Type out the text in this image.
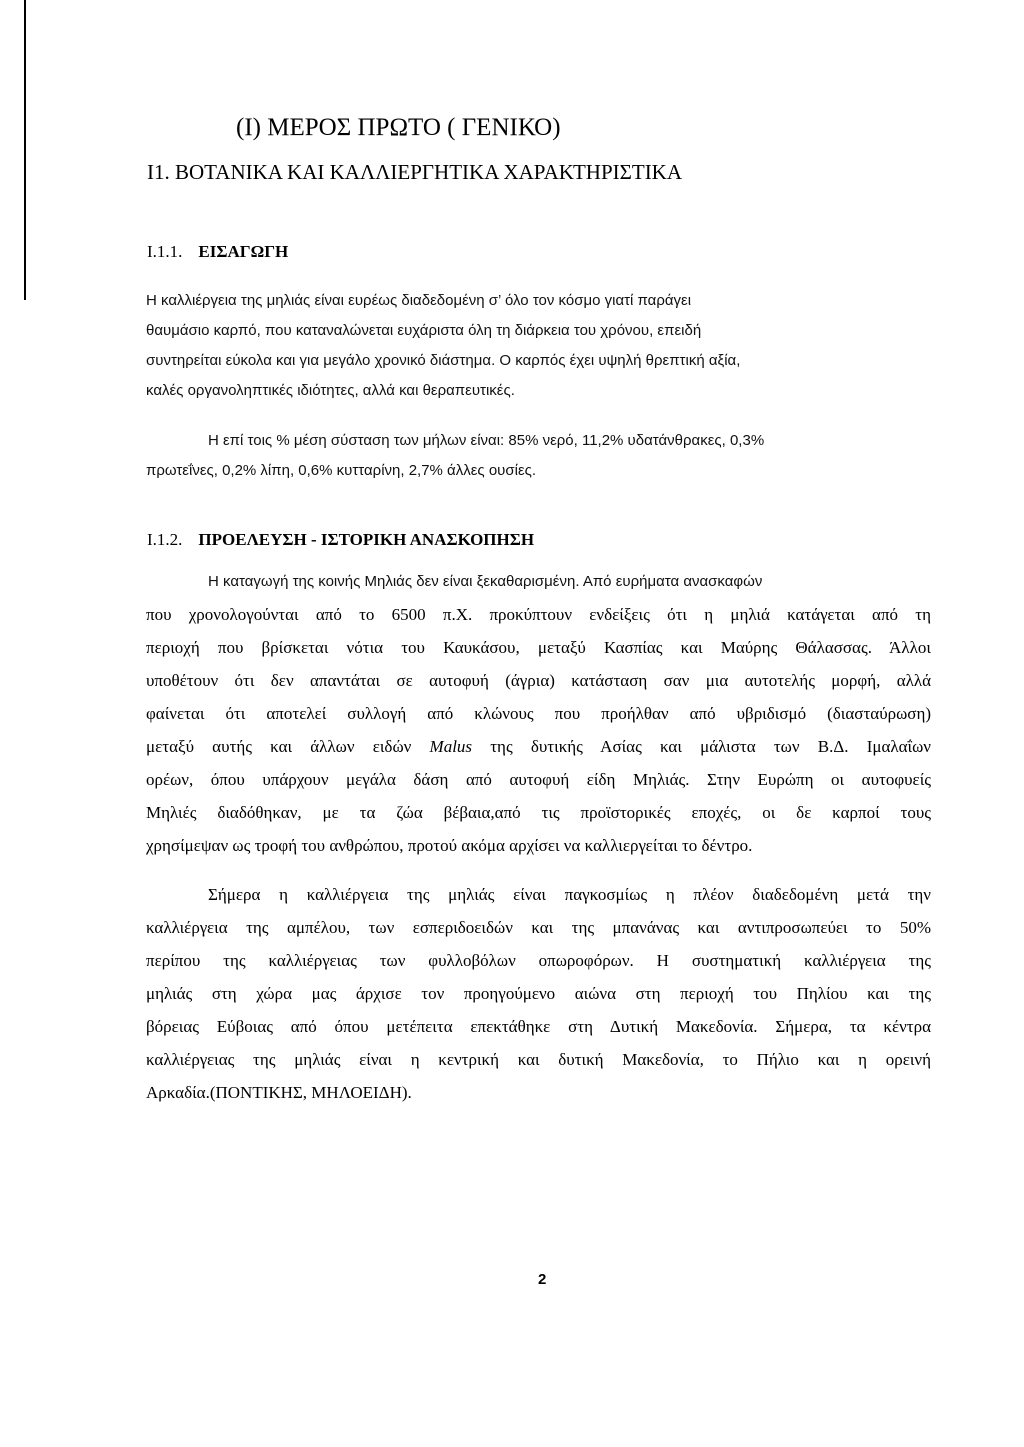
(Ι) ΜΕΡΟΣ ΠΡΩΤΟ ( ΓΕΝΙΚΟ)
Ι1. ΒΟΤΑΝΙΚΑ ΚΑΙ ΚΑΛΛΙΕΡΓΗΤΙΚΑ ΧΑΡΑΚΤΗΡΙΣΤΙΚΑ
Ι.1.1. ΕΙΣΑΓΩΓΗ

Η καλλιέργεια της μηλιάς είναι ευρέως διαδεδομένη σ’ όλο τον κόσμο γιατί παράγει

θαυμάσιο καρπό, που καταναλώνεται ευχάριστα όλη τη διάρκεια του χρόνου, επειδή

συντηρείται εύκολα και για μεγάλο χρονικό διάστημα. Ο καρπός έχει υψηλή θρεπτική αξία,

καλές οργανοληπτικές ιδιότητες, αλλά και θεραπευτικές.

Η επί τοις % μέση σύσταση των μήλων είναι: 85% νερό, 11,2% υδατάνθρακες, 0,3%

πρωτεΐνες, 0,2% λίπη, 0,6% κυτταρίνη, 2,7% άλλες ουσίες.

Ι.1.2. ΠΡΟΕΛΕΥΣΗ - ΙΣΤΟΡΙΚΗ ΑΝΑΣΚΟΠΗΣΗ

Η καταγωγή της κοινής Μηλιάς δεν είναι ξεκαθαρισμένη. Από ευρήματα ανασκαφών

που χρονολογούνται από το 6500 π.Χ. προκύπτουν ενδείξεις ότι η μηλιά κατάγεται από τη

περιοχή που βρίσκεται νότια του Καυκάσου, μεταξύ Κασπίας και Μαύρης Θάλασσας. Άλλοι

υποθέτουν ότι δεν απαντάται σε αυτοφυή (άγρια) κατάσταση σαν μια αυτοτελής μορφή, αλλά

φαίνεται ότι αποτελεί συλλογή από κλώνους που προήλθαν από υβριδισμό (διασταύρωση)

μεταξύ αυτής και άλλων ειδών Malus της δυτικής Ασίας και μάλιστα των Β.Δ. Ιμαλαΐων

ορέων, όπου υπάρχουν μεγάλα δάση από αυτοφυή είδη Μηλιάς. Στην Ευρώπη οι αυτοφυείς

Μηλιές διαδόθηκαν, με τα ζώα βέβαια,από τις προϊστορικές εποχές, οι δε καρποί τους

χρησίμεψαν ως τροφή του ανθρώπου, προτού ακόμα αρχίσει να καλλιεργείται το δέντρο.

Σήμερα η καλλιέργεια της μηλιάς είναι παγκοσμίως η πλέον διαδεδομένη μετά την

καλλιέργεια της αμπέλου, των εσπεριδοειδών και της μπανάνας και αντιπροσωπεύει το 50%

περίπου της καλλιέργειας των φυλλοβόλων οπωροφόρων. Η συστηματική καλλιέργεια της

μηλιάς στη χώρα μας άρχισε τον προηγούμενο αιώνα στη περιοχή του Πηλίου και της

βόρειας Εύβοιας από όπου μετέπειτα επεκτάθηκε στη Δυτική Μακεδονία. Σήμερα, τα κέντρα

καλλιέργειας της μηλιάς είναι η κεντρική και δυτική Μακεδονία, το Πήλιο και η ορεινή

Αρκαδία.(ΠΟΝΤΙΚΗΣ, ΜΗΛΟΕΙΔΗ).

2
